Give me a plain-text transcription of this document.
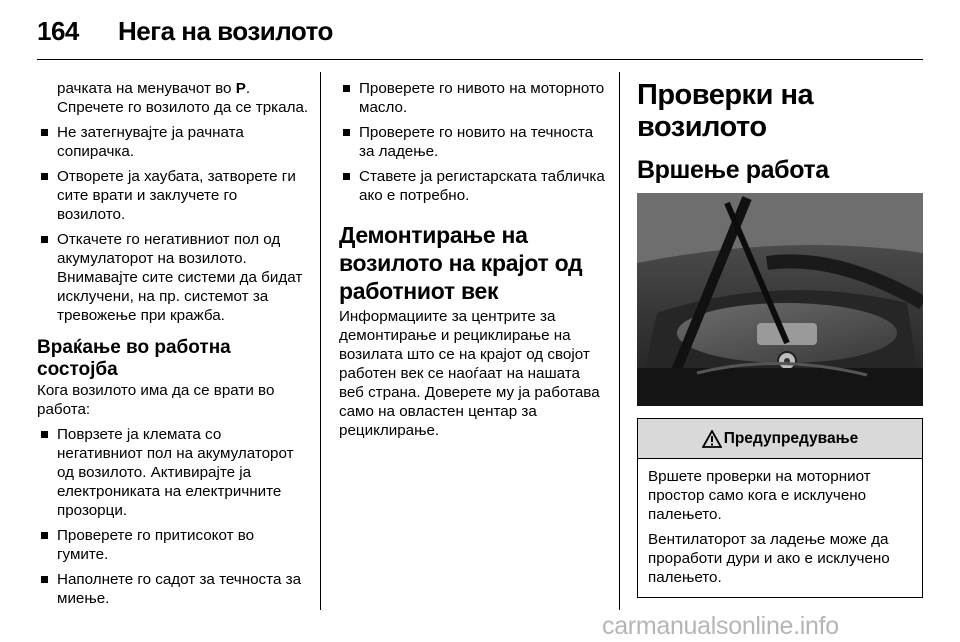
164 Нега на возилото
рачката на менувачот во P. Спречете го возилото да се тркала.
Не затегнувајте ја рачната сопирачка.
Отворете ја хаубата, затворете ги сите врати и заклучете го возилото.
Откачете го негативниот пол од акумулаторот на возилото. Внимавајте сите системи да бидат исклучени, на пр. системот за тревожење при кражба.
Враќање во работна состојба
Кога возилото има да се врати во работа:
Поврзете ја клемата со негативниот пол на акумулаторот од возилото. Активирајте ја електрониката на електричните прозорци.
Проверете го притисокот во гумите.
Наполнете го садот за течноста за миење.
Проверете го нивото на моторното масло.
Проверете го новито на течноста за ладење.
Ставете ја регистарската табличка ако е потребно.
Демонтирање на возилото на крајот од работниот век
Информациите за центрите за демонтирање и рециклирање на возилата што се на крајот од својот работен век се наоѓаат на нашата веб страна. Доверете му ја работава само на овластен центар за рециклирање.
Проверки на возилото
Вршење работа
Предупредување

Вршете проверки на моторниот простор само кога е исклучено палењето.

Вентилаторот за ладење може да проработи дури и ако е исклучено палењето.

carmanualsonline.info
